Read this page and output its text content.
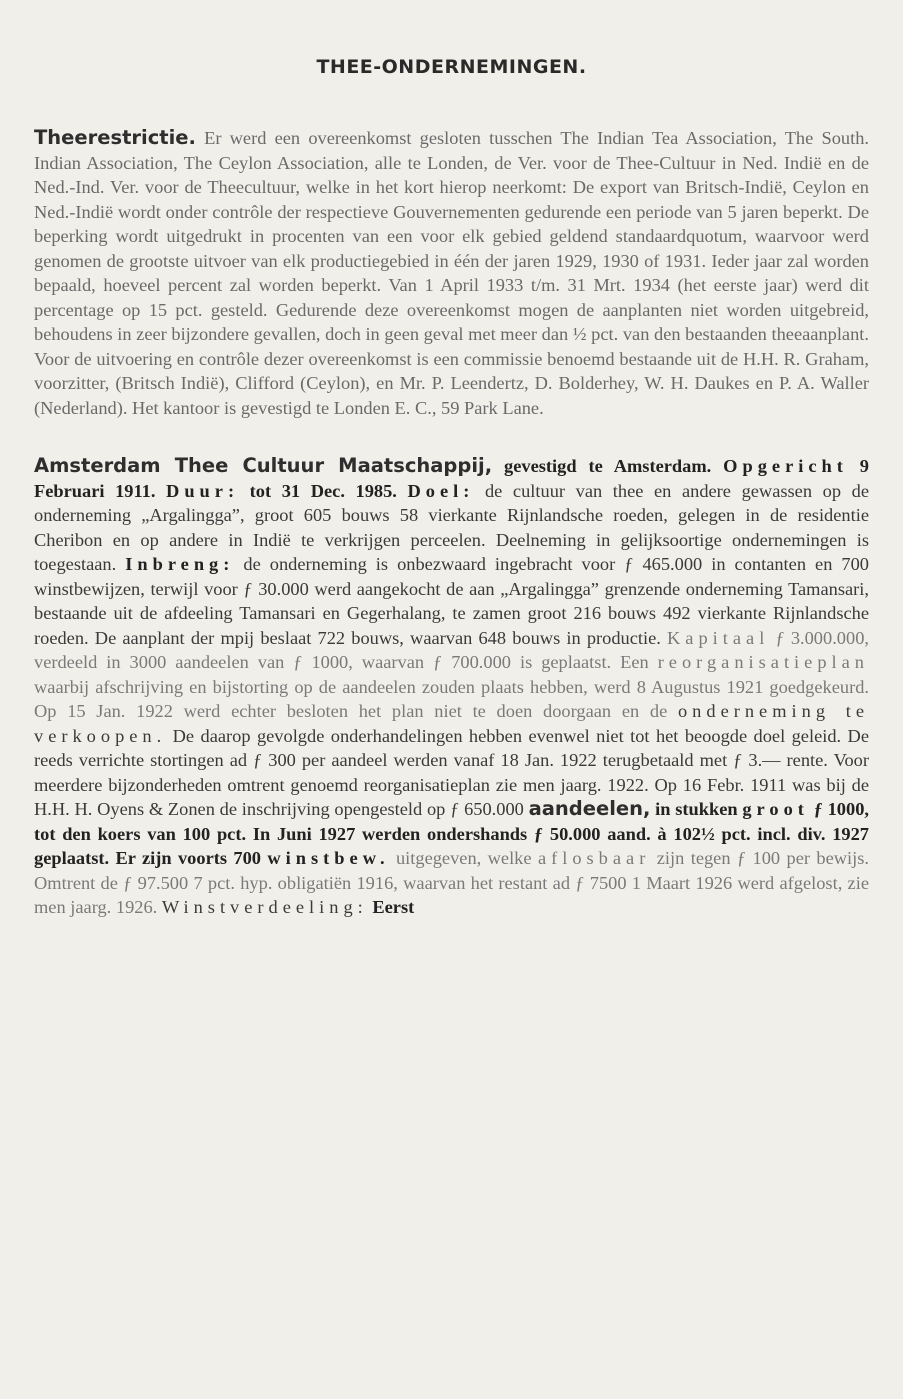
THEE-ONDERNEMINGEN.

Theerestrictie. Er werd een overeenkomst gesloten tusschen The Indian Tea Association, The South. Indian Association, The Ceylon Association, alle te Londen, de Ver. voor de Thee-Cultuur in Ned. Indië en de Ned.-Ind. Ver. voor de Theecultuur, welke in het kort hierop neerkomt: De export van Britsch-Indië, Ceylon en Ned.-Indië wordt onder contrôle der respectieve Gouvernementen gedurende een periode van 5 jaren beperkt. De beperking wordt uitgedrukt in procenten van een voor elk gebied geldend standaardquotum, waarvoor werd genomen de grootste uitvoer van elk productiegebied in één der jaren 1929, 1930 of 1931. Ieder jaar zal worden bepaald, hoeveel percent zal worden beperkt. Van 1 April 1933 t/m. 31 Mrt. 1934 (het eerste jaar) werd dit percentage op 15 pct. gesteld. Gedurende deze overeenkomst mogen de aanplanten niet worden uitgebreid, behoudens in zeer bijzondere gevallen, doch in geen geval met meer dan ½ pct. van den bestaanden theeaanplant. Voor de uitvoering en contrôle dezer overeenkomst is een commissie benoemd bestaande uit de H.H. R. Graham, voorzitter, (Britsch Indië), Clifford (Ceylon), en Mr. P. Leendertz, D. Bolderhey, W. H. Daukes en P. A. Waller (Nederland). Het kantoor is gevestigd te Londen E. C., 59 Park Lane.

Amsterdam Thee Cultuur Maatschappij, gevestigd te Amsterdam. Opgericht 9 Februari 1911. Duur: tot 31 Dec. 1985. Doel: de cultuur van thee en andere gewassen op de onderneming „Argalingga”, groot 605 bouws 58 vierkante Rijnlandsche roeden, gelegen in de residentie Cheribon en op andere in Indië te verkrijgen perceelen. Deelneming in gelijksoortige ondernemingen is toegestaan. Inbreng: de onderneming is onbezwaard ingebracht voor ƒ 465.000 in contanten en 700 winstbewijzen, terwijl voor ƒ 30.000 werd aangekocht de aan „Argalingga” grenzende onderneming Tamansari, bestaande uit de afdeeling Tamansari en Gegerhalang, te zamen groot 216 bouws 492 vierkante Rijnlandsche roeden. De aanplant der mpij beslaat 722 bouws, waarvan 648 bouws in productie. Kapitaal ƒ 3.000.000, verdeeld in 3000 aandeelen van ƒ 1000, waarvan ƒ 700.000 is geplaatst. Een reorganisatieplan waarbij afschrijving en bijstorting op de aandeelen zouden plaats hebben, werd 8 Augustus 1921 goedgekeurd. Op 15 Jan. 1922 werd echter besloten het plan niet te doen doorgaan en de onderneming te verkoopen. De daarop gevolgde onderhandelingen hebben evenwel niet tot het beoogde doel geleid. De reeds verrichte stortingen ad ƒ 300 per aandeel werden vanaf 18 Jan. 1922 terugbetaald met ƒ 3.— rente. Voor meerdere bijzonderheden omtrent genoemd reorganisatieplan zie men jaarg. 1922. Op 16 Febr. 1911 was bij de H.H. H. Oyens & Zonen de inschrijving opengesteld op ƒ 650.000 aandeelen, in stukken groot ƒ 1000, tot den koers van 100 pct. In Juni 1927 werden ondershands ƒ 50.000 aand. à 102½ pct. incl. div. 1927 geplaatst. Er zijn voorts 700 winstbew. uitgegeven, welke aflosbaar zijn tegen ƒ 100 per bewijs. Omtrent de ƒ 97.500 7 pct. hyp. obligatiën 1916, waarvan het restant ad ƒ 7500 1 Maart 1926 werd afgelost, zie men jaarg. 1926. Winstverdeeling: Eerst
